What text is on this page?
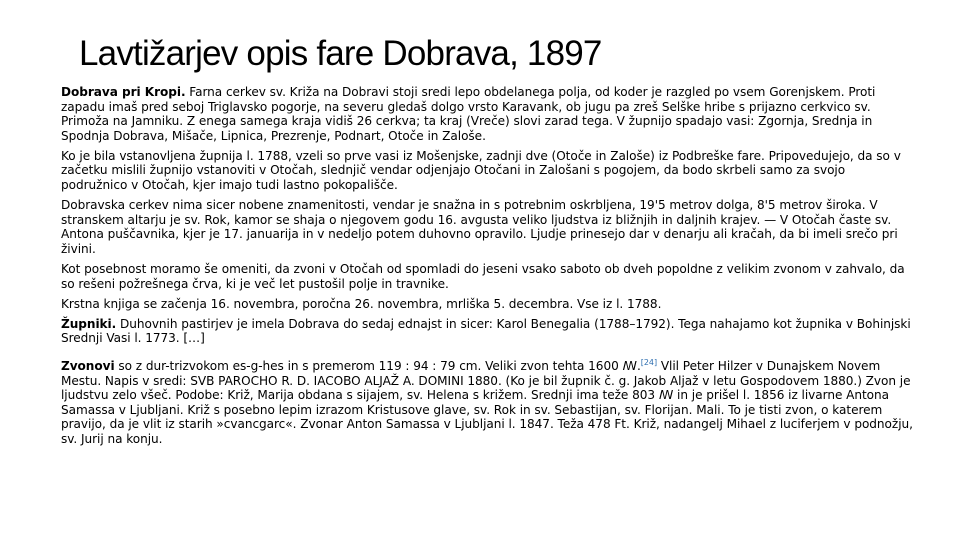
Lavtižarjev opis fare Dobrava, 1897

Dobrava pri Kropi. Farna cerkev sv. Križa na Dobravi stoji sredi lepo obdelanega polja, od koder je razgled po vsem Gorenjskem. Proti zapadu imaš pred seboj Triglavsko pogorje, na severu gledaš dolgo vrsto Karavank, ob jugu pa zreš Selške hribe s prijazno cerkvico sv. Primoža na Jamniku. Z enega samega kraja vidiš 26 cerkva; ta kraj (Vreče) slovi zarad tega. V župnijo spadajo vasi: Zgornja, Srednja in Spodnja Dobrava, Mišače, Lipnica, Prezrenje, Podnart, Otoče in Zalošе.

Ko je bila vstanovljena župnija l. 1788, vzeli so prve vasi iz Mošenjske, zadnji dve (Otoče in Zalošе) iz Podbreške fare. Pripovedujejo, da so v začetku mislili župnijo vstanoviti v Otočah, slednjič vendar odjenjajo Otočani in Zalošani s pogojem, da bodo skrbeli samo za svojo podružnico v Otočah, kjer imajo tudi lastno pokopališče.

Dobravska cerkev nima sicer nobene znamenitosti, vendar je snažna in s potrebnim oskrbljena, 19'5 metrov dolga, 8'5 metrov široka. V stranskem altarju je sv. Rok, kamor se shaja o njegovem godu 16. avgusta veliko ljudstva iz bližnjih in daljnih krajev. — V Otočah časte sv. Antona puščavnika, kjer je 17. januarija in v nedeljo potem duhovno opravilo. Ljudje prinesejo dar v denarju ali kračah, da bi imeli srečo pri živini.

Kot posebnost moramo še omeniti, da zvoni v Otočah od spomladi do jeseni vsako saboto ob dveh popoldne z velikim zvonom v zahvalo, da so rešeni požrešnega črva, ki je več let pustošil polje in travnike.

Krstna knjiga se začenja 16. novembra, poročna 26. novembra, mrliška 5. decembra. Vse iz l. 1788.

Župniki. Duhovnih pastirjev je imela Dobrava do sedaj ednajst in sicer: Karol Benegalia (1788–1792). Tega nahajamo kot župnika v Bohinjski Srednji Vasi l. 1773. […]

Zvonovi so z dur-trizvokom es-g-hes in s premerom 119 : 94 : 79 cm. Veliki zvon tehta 1600 ꟿ.[24] Vlil Peter Hilzer v Dunajskem Novem Mestu. Napis v sredi: SVB PAROCHO R. D. IACOBO ALJAŽ A. DOMINI 1880. (Ko je bil župnik č. g. Jakob Aljaž v letu Gospodovem 1880.) Zvon je ljudstvu zelo všeč. Podobe: Križ, Marija obdana s sijajem, sv. Helena s križem. Srednji ima teže 803 ꟿ in je prišel l. 1856 iz livarne Antona Samassa v Ljubljani. Križ s posebno lepim izrazom Kristusove glave, sv. Rok in sv. Sebastijan, sv. Florijan. Mali. To je tisti zvon, o katerem pravijo, da je vlit iz starih »cvancgarc«. Zvonar Anton Samassa v Ljubljani l. 1847. Teža 478 Ft. Križ, nadangelj Mihael z luciferjem v podnožju, sv. Jurij na konju.
